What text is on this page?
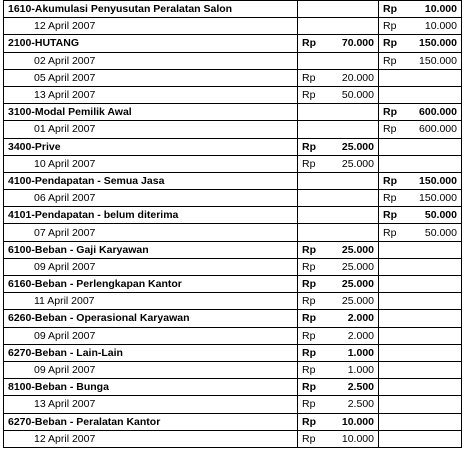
1610-Akumulasi Penyusutan Peralatan Salon			Rp	10.000
12 April 2007			Rp	10.000
2100-HUTANG	Rp	70.000	Rp	150.000
02 April 2007			Rp	150.000
05 April 2007	Rp	20.000		
13 April 2007	Rp	50.000		
3100-Modal Pemilik Awal			Rp	600.000
01 April 2007			Rp	600.000
3400-Prive	Rp	25.000		
10 April 2007	Rp	25.000		
4100-Pendapatan - Semua Jasa			Rp	150.000
06 April 2007			Rp	150.000
4101-Pendapatan - belum diterima			Rp	50.000
07 April 2007			Rp	50.000
6100-Beban - Gaji Karyawan	Rp	25.000		
09 April 2007	Rp	25.000		
6160-Beban - Perlengkapan Kantor	Rp	25.000		
11 April 2007	Rp	25.000		
6260-Beban - Operasional Karyawan	Rp	2.000		
09 April 2007	Rp	2.000		
6270-Beban - Lain-Lain	Rp	1.000		
09 April 2007	Rp	1.000		
8100-Beban - Bunga	Rp	2.500		
13 April 2007	Rp	2.500		
6270-Beban - Peralatan Kantor	Rp	10.000		
12 April 2007	Rp	10.000		
